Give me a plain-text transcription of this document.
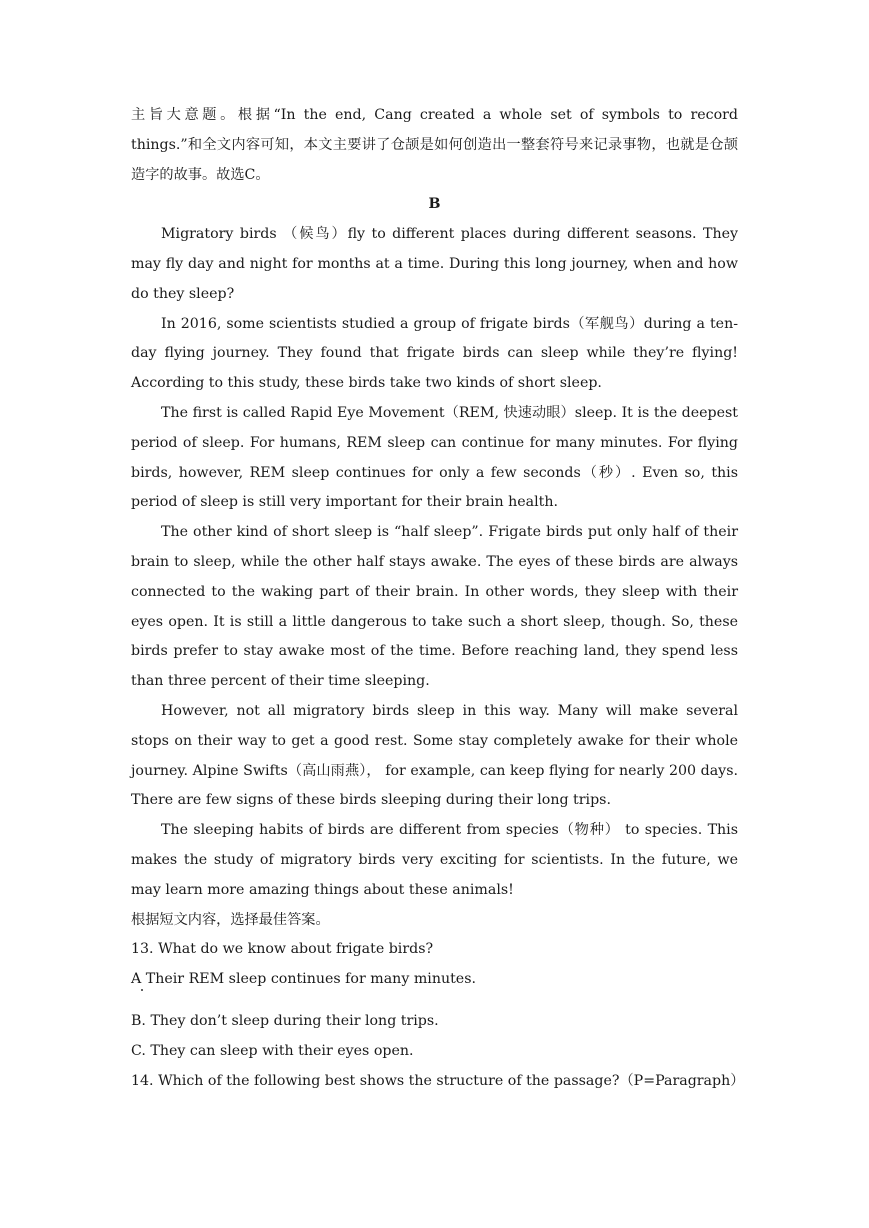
主旨大意题。根据“In the end, Cang created a whole set of symbols to record things.”和全文内容可知，本文主要讲了仓颉是如何创造出一整套符号来记录事物，也就是仓颉造字的故事。故选C。
B
Migratory birds （候鸟）fly to different places during different seasons. They may fly day and night for months at a time. During this long journey, when and how do they sleep?
In 2016, some scientists studied a group of frigate birds（军舰鸟）during a ten-day flying journey. They found that frigate birds can sleep while they’re flying! According to this study, these birds take two kinds of short sleep.
The first is called Rapid Eye Movement（REM, 快速动眼）sleep. It is the deepest period of sleep. For humans, REM sleep can continue for many minutes. For flying birds, however, REM sleep continues for only a few seconds（秒）. Even so, this period of sleep is still very important for their brain health.
The other kind of short sleep is “half sleep”. Frigate birds put only half of their brain to sleep, while the other half stays awake. The eyes of these birds are always connected to the waking part of their brain. In other words, they sleep with their eyes open. It is still a little dangerous to take such a short sleep, though. So, these birds prefer to stay awake most of the time. Before reaching land, they spend less than three percent of their time sleeping.
However, not all migratory birds sleep in this way. Many will make several stops on their way to get a good rest. Some stay completely awake for their whole journey. Alpine Swifts（高山雨燕）， for example, can keep flying for nearly 200 days. There are few signs of these birds sleeping during their long trips.
The sleeping habits of birds are different from species（物种） to species. This makes the study of migratory birds very exciting for scientists. In the future, we may learn more amazing things about these animals!
根据短文内容，选择最佳答案。
13. What do we know about frigate birds?
A Their REM sleep continues for many minutes.
B. They don’t sleep during their long trips.
C. They can sleep with their eyes open.
14. Which of the following best shows the structure of the passage?（P=Paragraph）
